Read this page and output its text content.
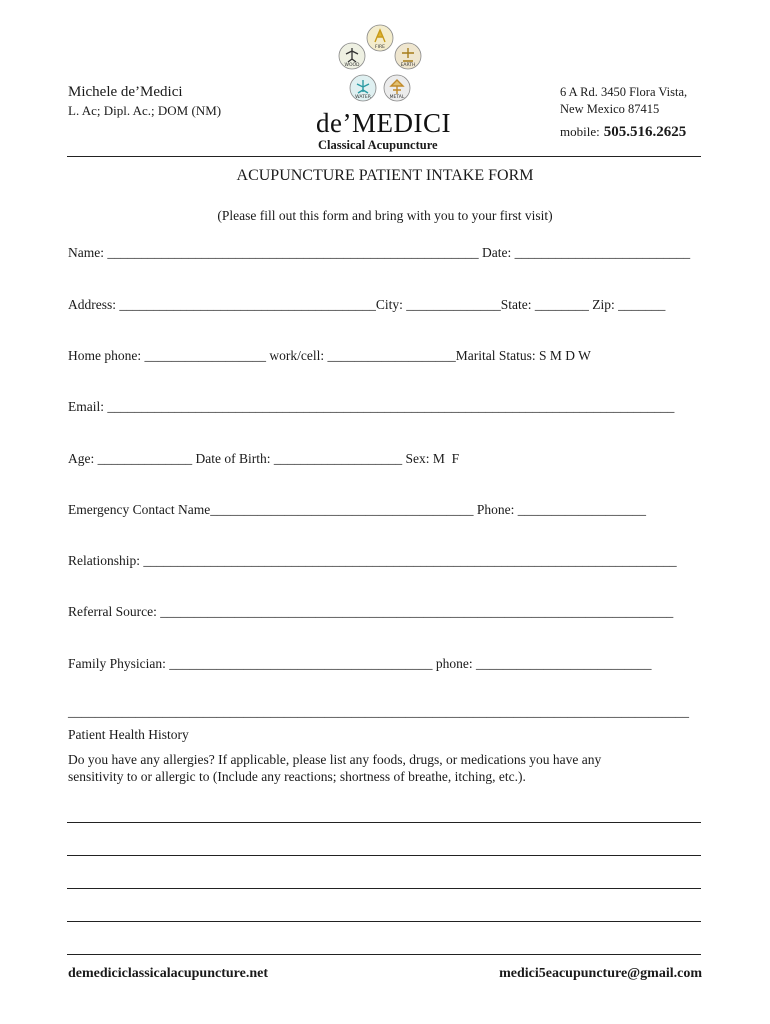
Michele de’Medici
L. Ac; Dipl. Ac.; DOM (NM)
6 A Rd. 3450 Flora Vista,
New Mexico 87415
mobile: 505.516.2625
FIRE
WOOD	EARTH
WATER	METAL
de’MEDICI
Classical Acupuncture
ACUPUNCTURE PATIENT INTAKE FORM
(Please fill out this form and bring with you to your first visit)
Name: _______________________________________________________ Date: __________________________
Address: ______________________________________City: ______________State: ________ Zip: _______
Home phone: __________________ work/cell: ___________________Marital Status: S M D W
Email: ____________________________________________________________________________________
Age: ______________ Date of Birth: ___________________ Sex: M  F
Emergency Contact Name_______________________________________ Phone: ___________________
Relationship: _______________________________________________________________________________
Referral Source: ____________________________________________________________________________
Family Physician: _______________________________________ phone: __________________________
____________________________________________________________________________________________
Patient Health History
Do you have any allergies? If applicable, please list any foods, drugs, or medications you have any
sensitivity to or allergic to (Include any reactions; shortness of breathe, itching, etc.).
demediciclassicalacupuncture.net	medici5eacupuncture@gmail.com
